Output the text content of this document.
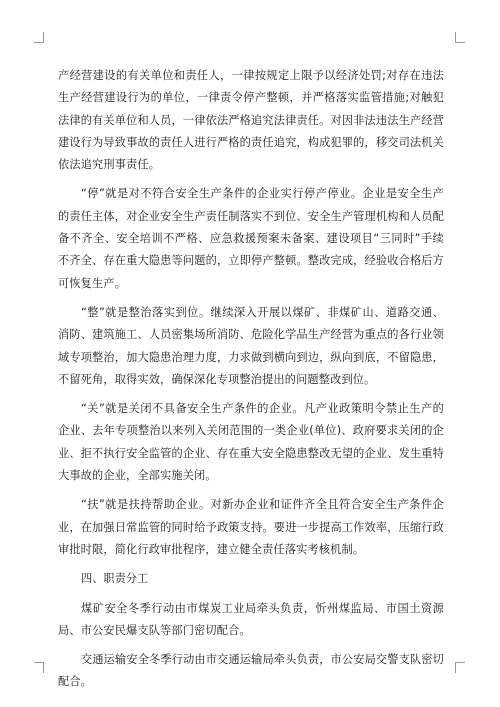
产经营建设的有关单位和责任人，一律按规定上限予以经济处罚;对存在违法生产经营建设行为的单位，一律责令停产整顿，并严格落实监管措施;对触犯法律的有关单位和人员，一律依法严格追究法律责任。对因非法违法生产经营建设行为导致事故的责任人进行严格的责任追究，构成犯罪的，移交司法机关依法追究刑事责任。

“停”就是对不符合安全生产条件的企业实行停产停业。企业是安全生产的责任主体，对企业安全生产责任制落实不到位、安全生产管理机构和人员配备不齐全、安全培训不严格、应急救援预案未备案、建设项目“三同时”手续不齐全、存在重大隐患等问题的，立即停产整顿。整改完成，经验收合格后方可恢复生产。

“整”就是整治落实到位。继续深入开展以煤矿、非煤矿山、道路交通、消防、建筑施工、人员密集场所消防、危险化学品生产经营为重点的各行业领域专项整治，加大隐患治理力度，力求做到横向到边，纵向到底，不留隐患，不留死角，取得实效，确保深化专项整治提出的问题整改到位。

“关”就是关闭不具备安全生产条件的企业。凡产业政策明令禁止生产的企业、去年专项整治以来列入关闭范围的一类企业(单位)、政府要求关闭的企业、拒不执行安全监管的企业、存在重大安全隐患整改无望的企业、发生重特大事故的企业，全部实施关闭。

“扶”就是扶持帮助企业。对新办企业和证件齐全且符合安全生产条件企业，在加强日常监管的同时给予政策支持。要进一步提高工作效率，压缩行政审批时限，简化行政审批程序，建立健全责任落实考核机制。

四、职责分工

煤矿安全冬季行动由市煤炭工业局牵头负责，忻州煤监局、市国土资源局、市公安民爆支队等部门密切配合。

交通运输安全冬季行动由市交通运输局牵头负责，市公安局交警支队密切配合。
